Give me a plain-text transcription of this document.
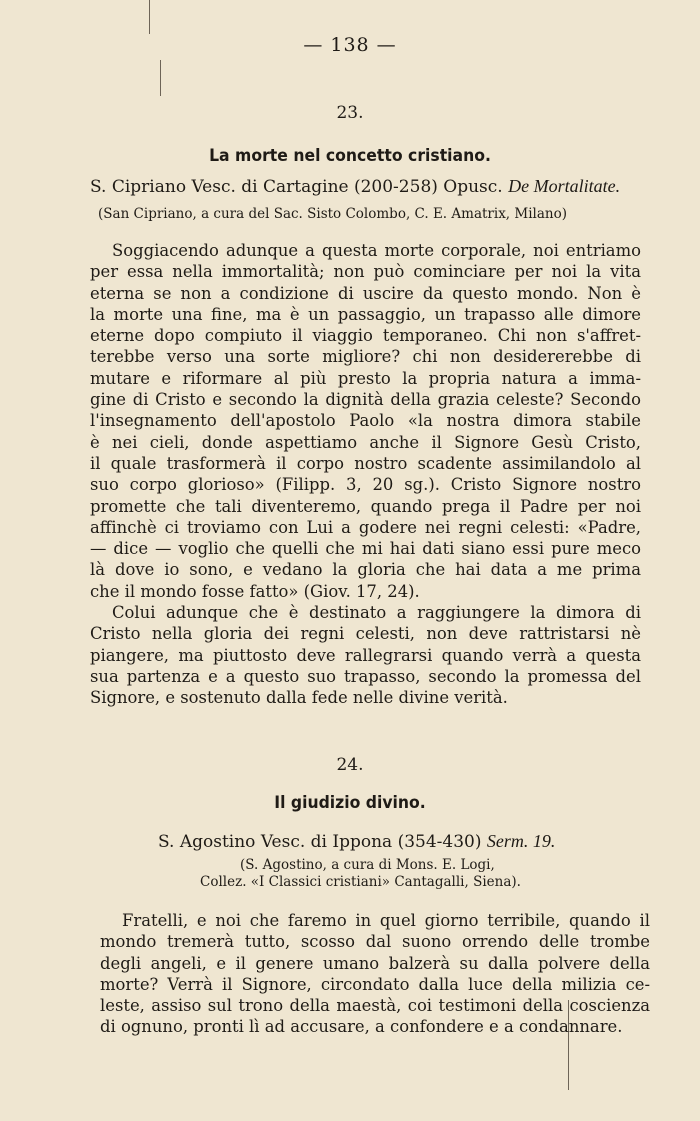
— 138 —
23.
La morte nel concetto cristiano.
S. Cipriano Vesc. di Cartagine (200-258) Opusc. De Mortalitate.
(San Cipriano, a cura del Sac. Sisto Colombo, C. E. Amatrix, Milano)
Soggiacendo adunque a questa morte corporale, noi entriamo
per essa nella immortalità; non può cominciare per noi la vita
eterna se non a condizione di uscire da questo mondo. Non è
la morte una fine, ma è un passaggio, un trapasso alle dimore
eterne dopo compiuto il viaggio temporaneo. Chi non s'affret-
terebbe verso una sorte migliore? chi non desidererebbe di
mutare e riformare al più presto la propria natura a imma-
gine di Cristo e secondo la dignità della grazia celeste? Secondo
l'insegnamento dell'apostolo Paolo «la nostra dimora stabile
è nei cieli, donde aspettiamo anche il Signore Gesù Cristo,
il quale trasformerà il corpo nostro scadente assimilandolo al
suo corpo glorioso» (Filipp. 3, 20 sg.). Cristo Signore nostro
promette che tali diventeremo, quando prega il Padre per noi
affinchè ci troviamo con Lui a godere nei regni celesti: «Padre,
— dice — voglio che quelli che mi hai dati siano essi pure meco
là dove io sono, e vedano la gloria che hai data a me prima
che il mondo fosse fatto» (Giov. 17, 24).
Colui adunque che è destinato a raggiungere la dimora di
Cristo nella gloria dei regni celesti, non deve rattristarsi nè
piangere, ma piuttosto deve rallegrarsi quando verrà a questa
sua partenza e a questo suo trapasso, secondo la promessa del
Signore, e sostenuto dalla fede nelle divine verità.
24.
Il giudizio divino.
S. Agostino Vesc. di Ippona (354-430) Serm. 19.
(S. Agostino, a cura di Mons. E. Logi,
Collez. «I Classici cristiani» Cantagalli, Siena).
Fratelli, e noi che faremo in quel giorno terribile, quando il
mondo tremerà tutto, scosso dal suono orrendo delle trombe
degli angeli, e il genere umano balzerà su dalla polvere della
morte? Verrà il Signore, circondato dalla luce della milizia ce-
leste, assiso sul trono della maestà, coi testimoni della coscienza
di ognuno, pronti lì ad accusare, a confondere e a condannare.
